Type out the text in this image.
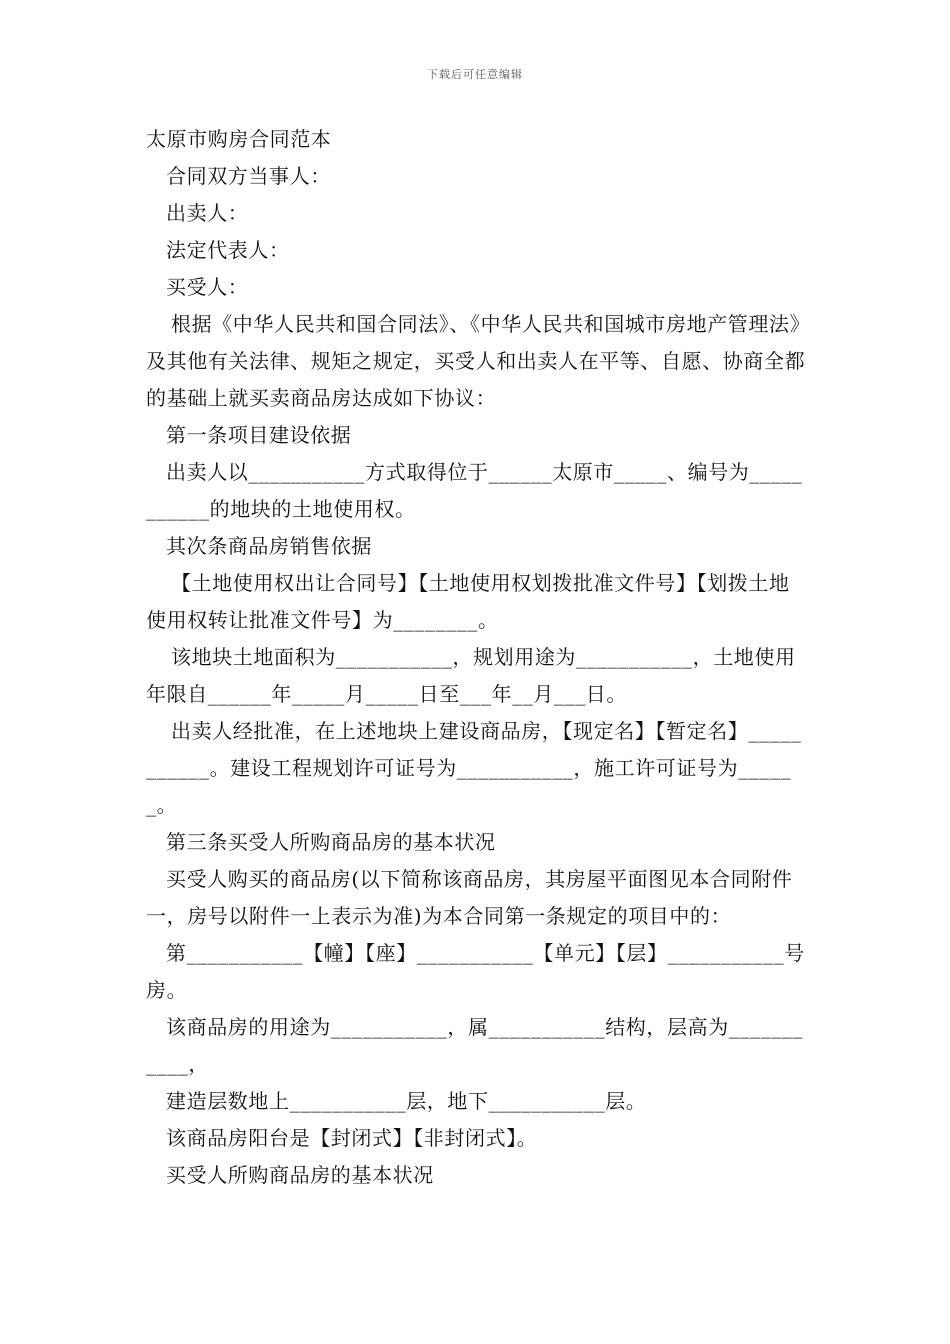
下载后可任意编辑

太原市购房合同范本

合同双方当事人：

出卖人：

法定代表人：

买受人：

根据《中华人民共和国合同法》、《中华人民共和国城市房地产管理法》及其他有关法律、规矩之规定，买受人和出卖人在平等、自愿、协商全都的基础上就买卖商品房达成如下协议：

第一条项目建设依据

出卖人以___________方式取得位于______太原市_____、编号为___________的地块的土地使用权。

其次条商品房销售依据

【土地使用权出让合同号】【土地使用权划拨批准文件号】【划拨土地使用权转让批准文件号】为________。

该地块土地面积为___________，规划用途为___________，土地使用年限自______年_____月_____日至___年__月___日。

出卖人经批准，在上述地块上建设商品房，【现定名】【暂定名】___________。建设工程规划许可证号为___________，施工许可证号为______。

第三条买受人所购商品房的基本状况

买受人购买的商品房(以下简称该商品房，其房屋平面图见本合同附件一，房号以附件一上表示为准)为本合同第一条规定的项目中的：

第___________【幢】【座】___________【单元】【层】___________号房。

该商品房的用途为___________，属___________结构，层高为___________，

建造层数地上___________层，地下___________层。

该商品房阳台是【封闭式】【非封闭式】。

买受人所购商品房的基本状况
